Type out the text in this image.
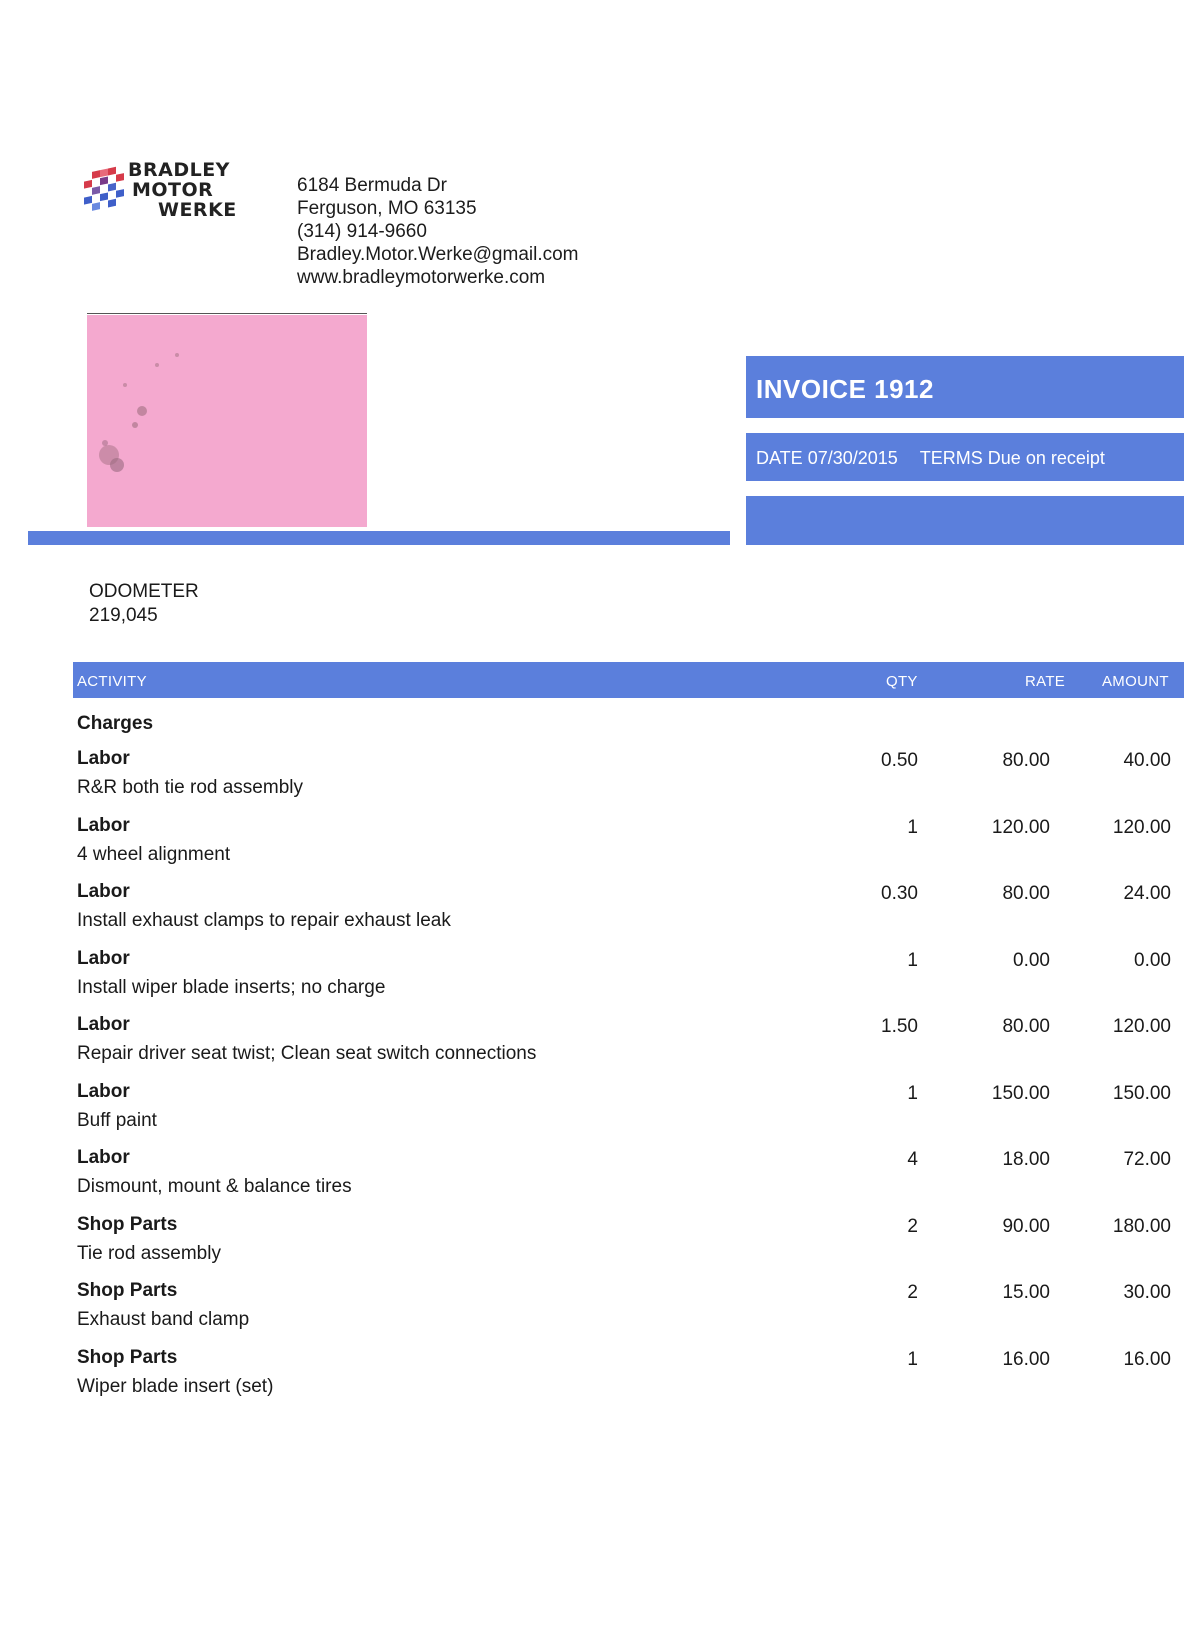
BRADLEY
MOTOR
WERKE
6184 Bermuda Dr
Ferguson, MO 63135
(314) 914-9660
Bradley.Motor.Werke@gmail.com
www.bradleymotorwerke.com
INVOICE 1912
DATE 07/30/2015 TERMS Due on receipt
ODOMETER
219,045
ACTIVITY	QTY	RATE AMOUNT
Charges
Labor
R&R both tie rod assembly
0.50	80.00	40.00
Labor
4 wheel alignment
1	120.00	120.00
Labor
Install exhaust clamps to repair exhaust leak
0.30	80.00	24.00
Labor
Install wiper blade inserts; no charge
1	0.00	0.00
Labor
Repair driver seat twist; Clean seat switch connections
1.50	80.00	120.00
Labor
Buff paint
1	150.00	150.00
Labor
Dismount, mount & balance tires
4	18.00	72.00
Shop Parts
Tie rod assembly
2	90.00	180.00
Shop Parts
Exhaust band clamp
2	15.00	30.00
Shop Parts
Wiper blade insert (set)
1	16.00	16.00
